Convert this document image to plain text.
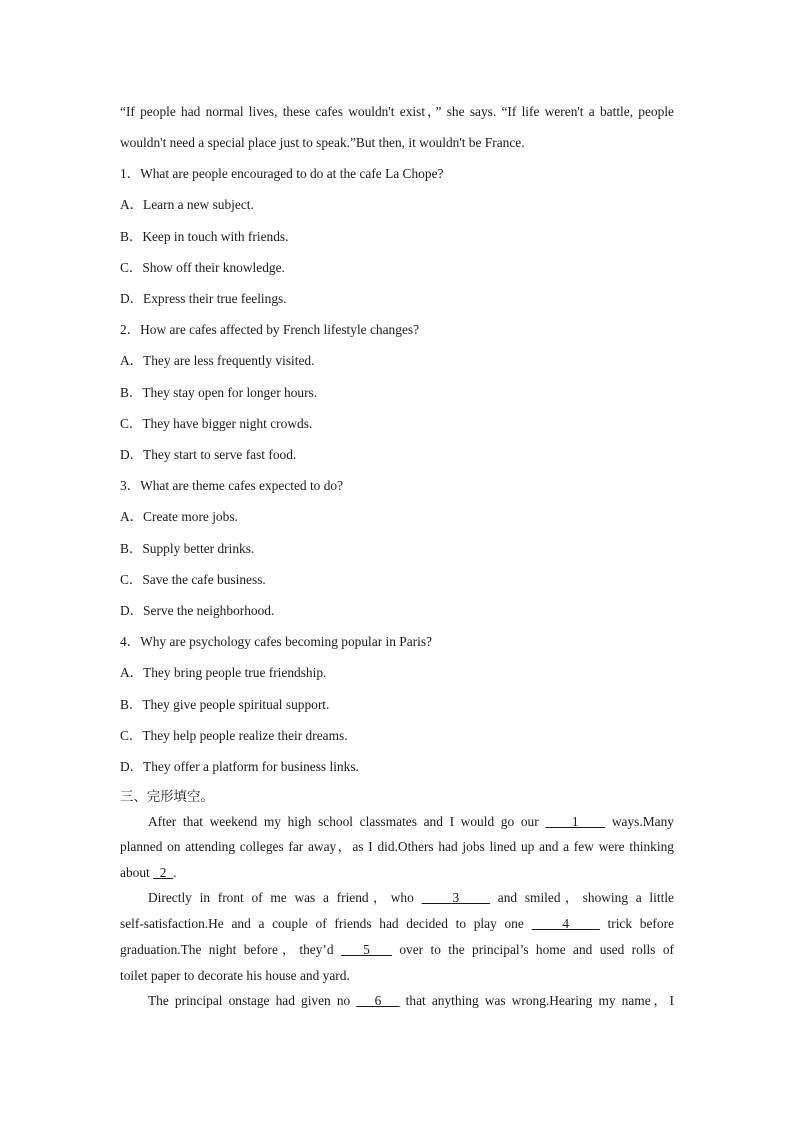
“If people had normal lives, these cafes wouldn't exist，” she says. “If life weren't a battle, people
wouldn't need a special place just to speak.”But then, it wouldn't be France.
1．What are people encouraged to do at the cafe La Chope?
A．Learn a new subject.
B．Keep in touch with friends.
C．Show off their knowledge.
D．Express their true feelings.
2．How are cafes affected by French lifestyle changes?
A．They are less frequently visited.
B．They stay open for longer hours.
C．They have bigger night crowds.
D．They start to serve fast food.
3．What are theme cafes expected to do?
A．Create more jobs.
B．Supply better drinks.
C．Save the cafe business.
D．Serve the neighborhood.
4．Why are psychology cafes becoming popular in Paris?
A．They bring people true friendship.
B．They give people spiritual support.
C．They help people realize their dreams.
D．They offer a platform for business links.
三、完形填空。
After that weekend my high school classmates and I would go our     1     ways.Many
planned on attending colleges far away，as I did.Others had jobs lined up and a few were thinking
about   2  .
Directly in front of me was a friend，who     3     and smiled，showing a little
self-satisfaction.He and a couple of friends had decided to play one     4     trick before
graduation.The night before，they’d    5    over to the principal’s home and used rolls of
toilet paper to decorate his house and yard.
The principal onstage had given no    6    that anything was wrong.Hearing my name，I
